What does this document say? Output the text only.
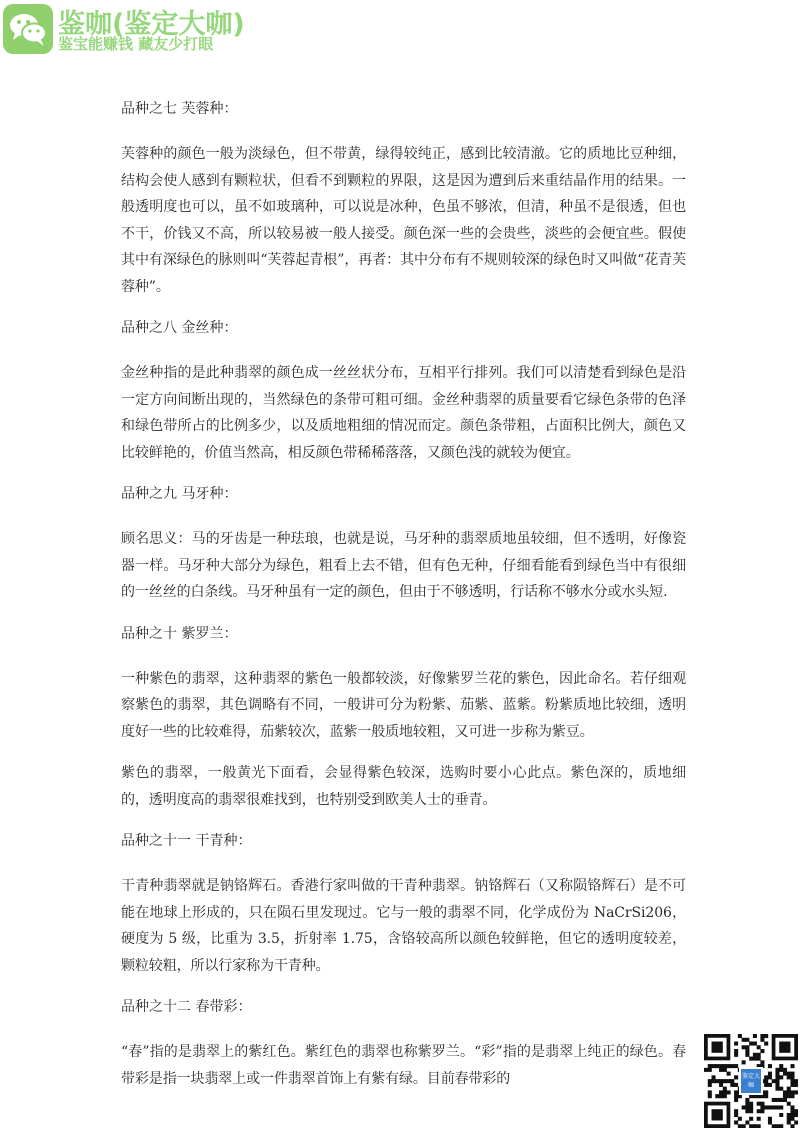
鉴咖(鉴定大咖)
鉴宝能赚钱 藏友少打眼

品种之七 芙蓉种：

芙蓉种的颜色一般为淡绿色，但不带黄，绿得较纯正，感到比较清澈。它的质地比豆种细，结构会使人感到有颗粒状，但看不到颗粒的界限，这是因为遭到后来重结晶作用的结果。一般透明度也可以，虽不如玻璃种，可以说是冰种，色虽不够浓，但清，种虽不是很透，但也不干，价钱又不高，所以较易被一般人接受。颜色深一些的会贵些，淡些的会便宜些。假使其中有深绿色的脉则叫“芙蓉起青根”，再者：其中分布有不规则较深的绿色时又叫做“花青芙蓉种”。

品种之八 金丝种：

金丝种指的是此种翡翠的颜色成一丝丝状分布，互相平行排列。我们可以清楚看到绿色是沿一定方向间断出现的，当然绿色的条带可粗可细。金丝种翡翠的质量要看它绿色条带的色泽和绿色带所占的比例多少，以及质地粗细的情况而定。颜色条带粗，占面积比例大，颜色又比较鲜艳的，价值当然高，相反颜色带稀稀落落，又颜色浅的就较为便宜。

品种之九 马牙种：

顾名思义：马的牙齿是一种珐琅，也就是说，马牙种的翡翠质地虽较细，但不透明，好像瓷器一样。马牙种大部分为绿色，粗看上去不错，但有色无种，仔细看能看到绿色当中有很细的一丝丝的白条线。马牙种虽有一定的颜色，但由于不够透明，行话称不够水分或水头短.

品种之十 紫罗兰：

一种紫色的翡翠，这种翡翠的紫色一般都较淡，好像紫罗兰花的紫色，因此命名。若仔细观察紫色的翡翠，其色调略有不同，一般讲可分为粉紫、茄紫、蓝紫。粉紫质地比较细，透明度好一些的比较难得，茄紫较次，蓝紫一般质地较粗，又可进一步称为紫豆。

紫色的翡翠，一般黄光下面看，会显得紫色较深，选购时要小心此点。紫色深的，质地细的，透明度高的翡翠很难找到，也特别受到欧美人士的垂青。

品种之十一 干青种：

干青种翡翠就是钠铬辉石。香港行家叫做的干青种翡翠。钠铬辉石（又称陨铬辉石）是不可能在地球上形成的，只在陨石里发现过。它与一般的翡翠不同，化学成份为 NaCrSi206，硬度为 5 级，比重为 3.5，折射率 1.75，含铬较高所以颜色较鲜艳，但它的透明度较差，颗粒较粗，所以行家称为干青种。

品种之十二 春带彩：

“春”指的是翡翠上的紫红色。紫红色的翡翠也称紫罗兰。“彩”指的是翡翠上纯正的绿色。春带彩是指一块翡翠上或一件翡翠首饰上有紫有绿。目前春带彩的	鉴定大咖
